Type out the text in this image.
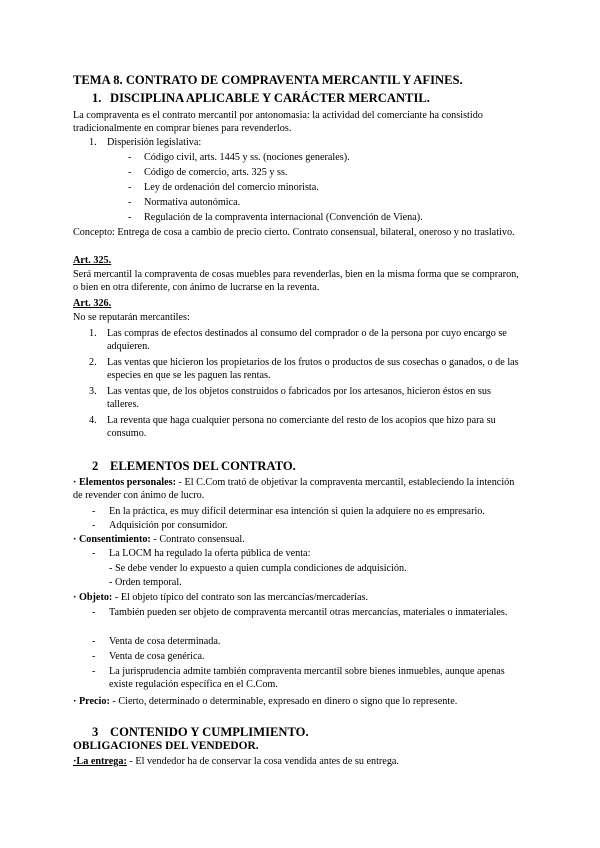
TEMA 8. CONTRATO DE COMPRAVENTA MERCANTIL Y AFINES.
1. DISCIPLINA APLICABLE Y CARÁCTER MERCANTIL.
La compraventa es el contrato mercantil por antonomasia: la actividad del comerciante ha consistido tradicionalmente en comprar bienes para revenderlos.
1. Disperisión legislativa:
- Código civil, arts. 1445 y ss. (nociones generales).
- Código de comercio, arts. 325 y ss.
- Ley de ordenación del comercio minorista.
- Normativa autonómica.
- Regulación de la compraventa internacional (Convención de Viena).
Concepto: Entrega de cosa a cambio de precio cierto. Contrato consensual, bilateral, oneroso y no traslativo.
Art. 325.
Será mercantil la compraventa de cosas muebles para revenderlas, bien en la misma forma que se compraron, o bien en otra diferente, con ánimo de lucrarse en la reventa.
Art. 326.
No se reputarán mercantiles:
1. Las compras de efectos destinados al consumo del comprador o de la persona por cuyo encargo se adquieren.
2. Las ventas que hicieron los propietarios de los frutos o productos de sus cosechas o ganados, o de las especies en que se les paguen las rentas.
3. Las ventas que, de los objetos construidos o fabricados por los artesanos, hicieron éstos en sus talleres.
4. La reventa que haga cualquier persona no comerciante del resto de los acopios que hizo para su consumo.
2 ELEMENTOS DEL CONTRATO.
· Elementos personales: - El C.Com trató de objetivar la compraventa mercantil, estableciendo la intención de revender con ánimo de lucro.
- En la práctica, es muy difícil determinar esa intención si quien la adquiere no es empresario.
- Adquisición por consumidor.
· Consentimiento: - Contrato consensual.
- La LOCM ha regulado la oferta pública de venta:
- Se debe vender lo expuesto a quien cumpla condiciones de adquisición.
- Orden temporal.
· Objeto: - El objeto típico del contrato son las mercancías/mercaderías.
- También pueden ser objeto de compraventa mercantil otras mercancías, materiales o inmateriales.
- Venta de cosa determinada.
- Venta de cosa genérica.
- La jurisprudencia admite también compraventa mercantil sobre bienes inmuebles, aunque apenas existe regulación específica en el C.Com.
· Precio: - Cierto, determinado o determinable, expresado en dinero o signo que lo represente.
3 CONTENIDO Y CUMPLIMIENTO.
OBLIGACIONES DEL VENDEDOR.
·La entrega: - El vendedor ha de conservar la cosa vendida antes de su entrega.
